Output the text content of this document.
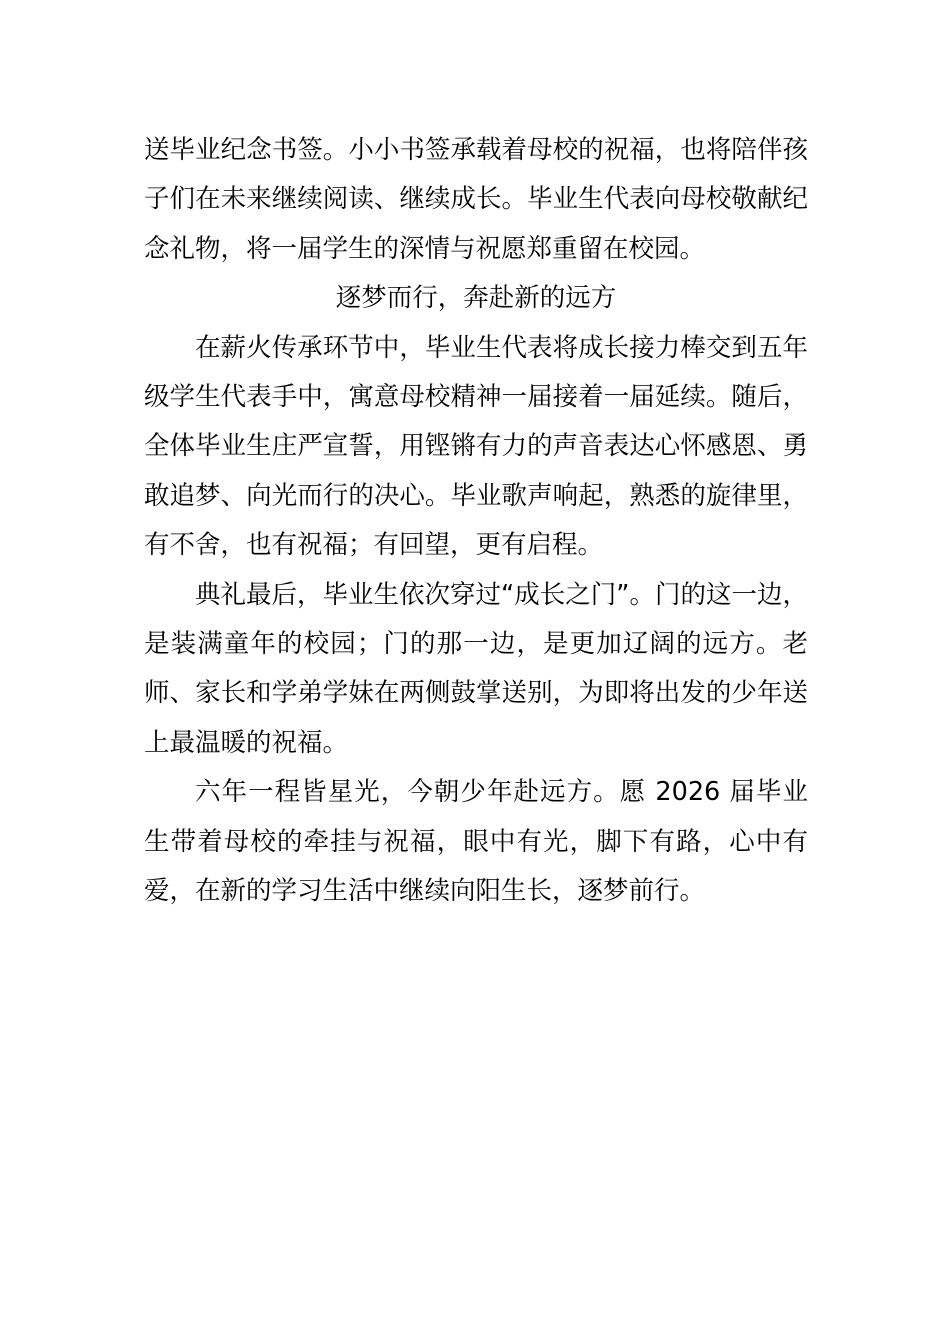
送毕业纪念书签。小小书签承载着母校的祝福，也将陪伴孩子们在未来继续阅读、继续成长。毕业生代表向母校敬献纪念礼物，将一届学生的深情与祝愿郑重留在校园。

逐梦而行，奔赴新的远方

在薪火传承环节中，毕业生代表将成长接力棒交到五年级学生代表手中，寓意母校精神一届接着一届延续。随后，全体毕业生庄严宣誓，用铿锵有力的声音表达心怀感恩、勇敢追梦、向光而行的决心。毕业歌声响起，熟悉的旋律里，有不舍，也有祝福；有回望，更有启程。

典礼最后，毕业生依次穿过“成长之门”。门的这一边，是装满童年的校园；门的那一边，是更加辽阔的远方。老师、家长和学弟学妹在两侧鼓掌送别，为即将出发的少年送上最温暖的祝福。

六年一程皆星光，今朝少年赴远方。愿 2026 届毕业生带着母校的牵挂与祝福，眼中有光，脚下有路，心中有爱，在新的学习生活中继续向阳生长，逐梦前行。
